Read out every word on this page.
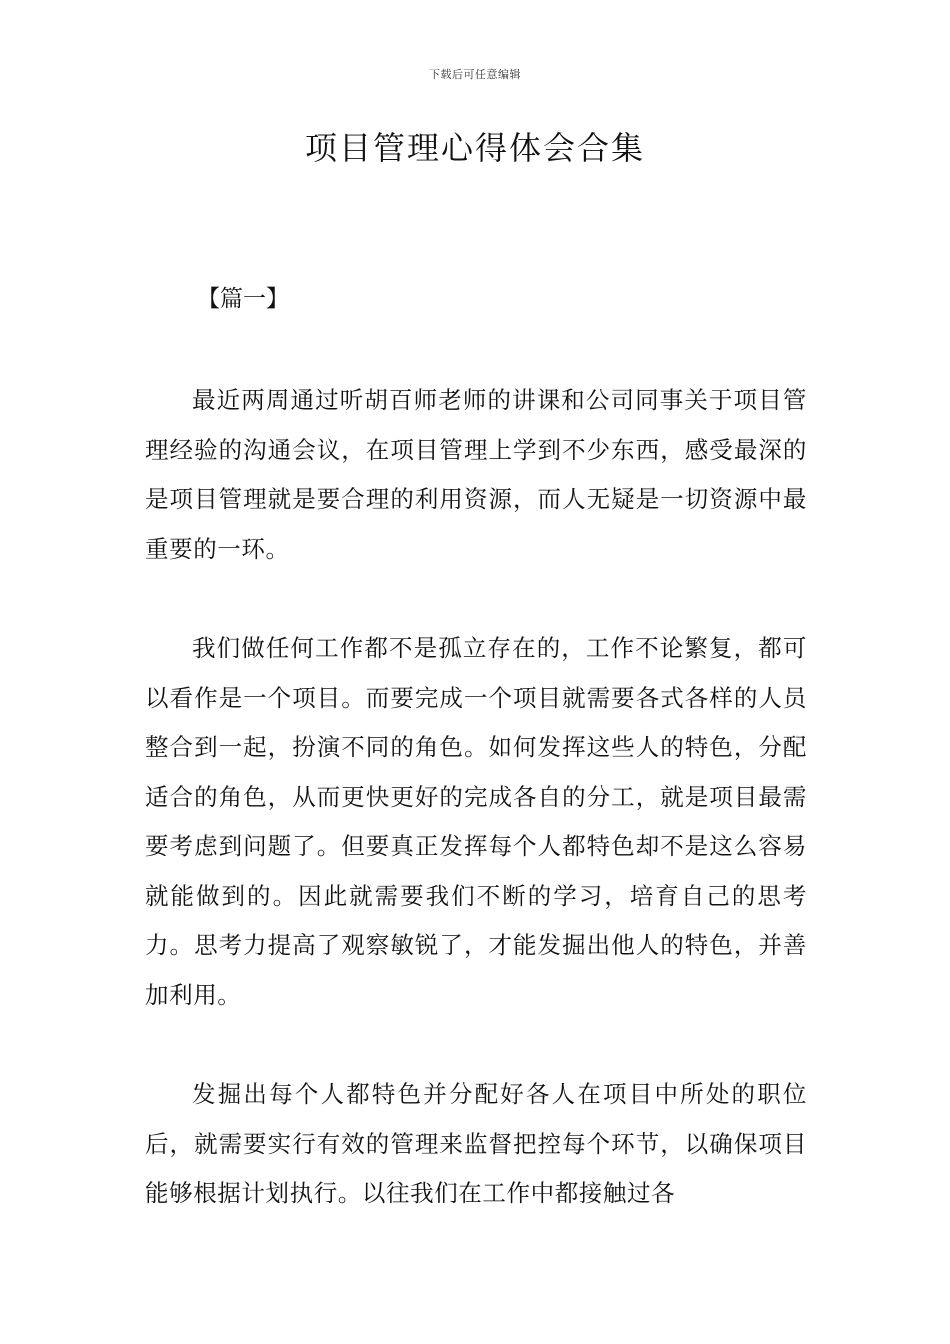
下载后可任意编辑
项目管理心得体会合集
【篇一】

最近两周通过听胡百师老师的讲课和公司同事关于项目管理经验的沟通会议，在项目管理上学到不少东西，感受最深的是项目管理就是要合理的利用资源，而人无疑是一切资源中最重要的一环。

我们做任何工作都不是孤立存在的，工作不论繁复，都可以看作是一个项目。而要完成一个项目就需要各式各样的人员整合到一起，扮演不同的角色。如何发挥这些人的特色，分配适合的角色，从而更快更好的完成各自的分工，就是项目最需要考虑到问题了。但要真正发挥每个人都特色却不是这么容易就能做到的。因此就需要我们不断的学习，培育自己的思考力。思考力提高了观察敏锐了，才能发掘出他人的特色，并善加利用。

发掘出每个人都特色并分配好各人在项目中所处的职位后，就需要实行有效的管理来监督把控每个环节，以确保项目能够根据计划执行。以往我们在工作中都接触过各
